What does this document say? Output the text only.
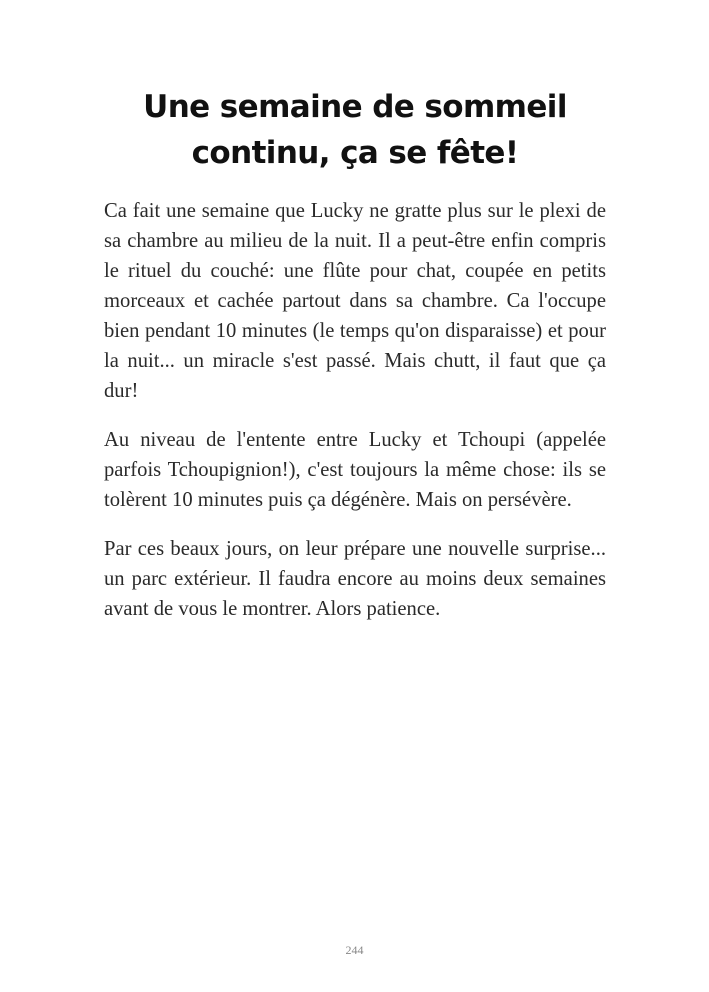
Une semaine de sommeil
continu, ça se fête!

Ca fait une semaine que Lucky ne gratte plus sur le plexi de sa chambre au milieu de la nuit. Il a peut-être enfin compris le rituel du couché: une flûte pour chat, coupée en petits morceaux et cachée partout dans sa chambre. Ca l'occupe bien pendant 10 minutes (le temps qu'on disparaisse) et pour la nuit... un miracle s'est passé. Mais chutt, il faut que ça dur!

Au niveau de l'entente entre Lucky et Tchoupi (appelée parfois Tchoupignion!), c'est toujours la même chose: ils se tolèrent 10 minutes puis ça dégénère. Mais on persévère.

Par ces beaux jours, on leur prépare une nouvelle surprise... un parc extérieur. Il faudra encore au moins deux semaines avant de vous le montrer. Alors patience.

244
